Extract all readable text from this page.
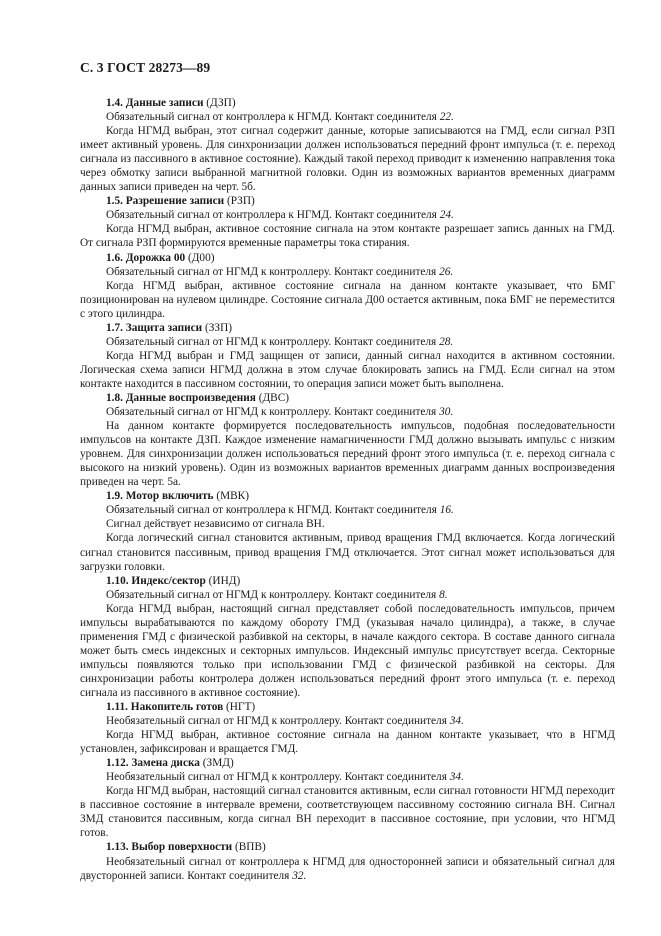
С. 3 ГОСТ 28273—89

1.4. Данные записи (ДЗП)

Обязательный сигнал от контроллера к НГМД. Контакт соединителя 22.

Когда НГМД выбран, этот сигнал содержит данные, которые записываются на ГМД, если сигнал РЗП имеет активный уровень. Для синхронизации должен использоваться передний фронт импульса (т. е. переход сигнала из пассивного в активное состояние). Каждый такой переход приводит к изменению направления тока через обмотку записи выбранной магнитной головки. Один из возможных вариантов временных диаграмм данных записи приведен на черт. 5б.

1.5. Разрешение записи (РЗП)

Обязательный сигнал от контроллера к НГМД. Контакт соединителя 24.

Когда НГМД выбран, активное состояние сигнала на этом контакте разрешает запись данных на ГМД. От сигнала РЗП формируются временные параметры тока стирания.

1.6. Дорожка 00 (Д00)

Обязательный сигнал от НГМД к контроллеру. Контакт соединителя 26.

Когда НГМД выбран, активное состояние сигнала на данном контакте указывает, что БМГ позиционирован на нулевом цилиндре. Состояние сигнала Д00 остается активным, пока БМГ не переместится с этого цилиндра.

1.7. Защита записи (ЗЗП)

Обязательный сигнал от НГМД к контроллеру. Контакт соединителя 28.

Когда НГМД выбран и ГМД защищен от записи, данный сигнал находится в активном состоянии. Логическая схема записи НГМД должна в этом случае блокировать запись на ГМД. Если сигнал на этом контакте находится в пассивном состоянии, то операция записи может быть выполнена.

1.8. Данные воспроизведения (ДВС)

Обязательный сигнал от НГМД к контроллеру. Контакт соединителя 30.

На данном контакте формируется последовательность импульсов, подобная последовательности импульсов на контакте ДЗП. Каждое изменение намагниченности ГМД должно вызывать импульс с низким уровнем. Для синхронизации должен использоваться передний фронт этого импульса (т. е. переход сигнала с высокого на низкий уровень). Один из возможных вариантов временных диаграмм данных воспроизведения приведен на черт. 5а.

1.9. Мотор включить (МВК)

Обязательный сигнал от контроллера к НГМД. Контакт соединителя 16.

Сигнал действует независимо от сигнала ВН.

Когда логический сигнал становится активным, привод вращения ГМД включается. Когда логический сигнал становится пассивным, привод вращения ГМД отключается. Этот сигнал может использоваться для загрузки головки.

1.10. Индекс/сектор (ИНД)

Обязательный сигнал от НГМД к контроллеру. Контакт соединителя 8.

Когда НГМД выбран, настоящий сигнал представляет собой последовательность импульсов, причем импульсы вырабатываются по каждому обороту ГМД (указывая начало цилиндра), а также, в случае применения ГМД с физической разбивкой на секторы, в начале каждого сектора. В составе данного сигнала может быть смесь индексных и секторных импульсов. Индексный импульс присутствует всегда. Секторные импульсы появляются только при использовании ГМД с физической разбивкой на секторы. Для синхронизации работы контролера должен использоваться передний фронт этого импульса (т. е. переход сигнала из пассивного в активное состояние).

1.11. Накопитель готов (НГТ)

Необязательный сигнал от НГМД к контроллеру. Контакт соединителя 34.

Когда НГМД выбран, активное состояние сигнала на данном контакте указывает, что в НГМД установлен, зафиксирован и вращается ГМД.

1.12. Замена диска (ЗМД)

Необязательный сигнал от НГМД к контроллеру. Контакт соединителя 34.

Когда НГМД выбран, настоящий сигнал становится активным, если сигнал готовности НГМД переходит в пассивное состояние в интервале времени, соответствующем пассивному состоянию сигнала ВН. Сигнал ЗМД становится пассивным, когда сигнал ВН переходит в пассивное состояние, при условии, что НГМД готов.

1.13. Выбор поверхности (ВПВ)

Необязательный сигнал от контроллера к НГМД для односторонней записи и обязательный сигнал для двусторонней записи. Контакт соединителя 32.
